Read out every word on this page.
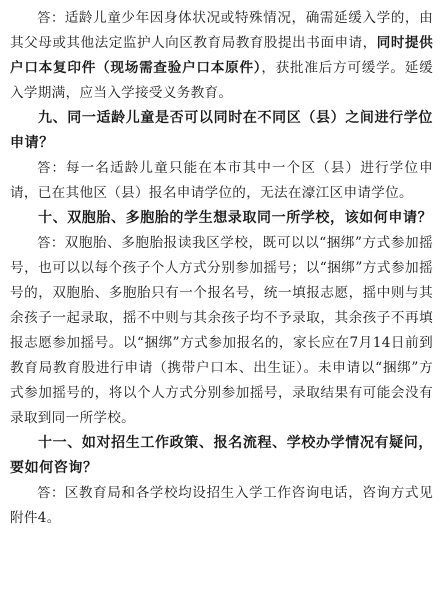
答：适龄儿童少年因身体状况或特殊情况，确需延缓入学的，由其父母或其他法定监护人向区教育局教育股提出书面申请，同时提供户口本复印件（现场需查验户口本原件），获批准后方可缓学。延缓入学期满，应当入学接受义务教育。

九、同一适龄儿童是否可以同时在不同区（县）之间进行学位申请？

答：每一名适龄儿童只能在本市其中一个区（县）进行学位申请，已在其他区（县）报名申请学位的，无法在濠江区申请学位。

十、双胞胎、多胞胎的学生想录取同一所学校，该如何申请？

答：双胞胎、多胞胎报读我区学校，既可以以“捆绑”方式参加摇号，也可以以每个孩子个人方式分别参加摇号；以“捆绑”方式参加摇号的，双胞胎、多胞胎只有一个报名号，统一填报志愿，摇中则与其余孩子一起录取，摇不中则与其余孩子均不予录取，其余孩子不再填报志愿参加摇号。以“捆绑”方式参加报名的，家长应在7月14日前到教育局教育股进行申请（携带户口本、出生证）。未申请以“捆绑”方式参加摇号的，将以个人方式分别参加摇号，录取结果有可能会没有录取到同一所学校。

十一、如对招生工作政策、报名流程、学校办学情况有疑问，要如何咨询？

答：区教育局和各学校均设招生入学工作咨询电话，咨询方式见附件4。
